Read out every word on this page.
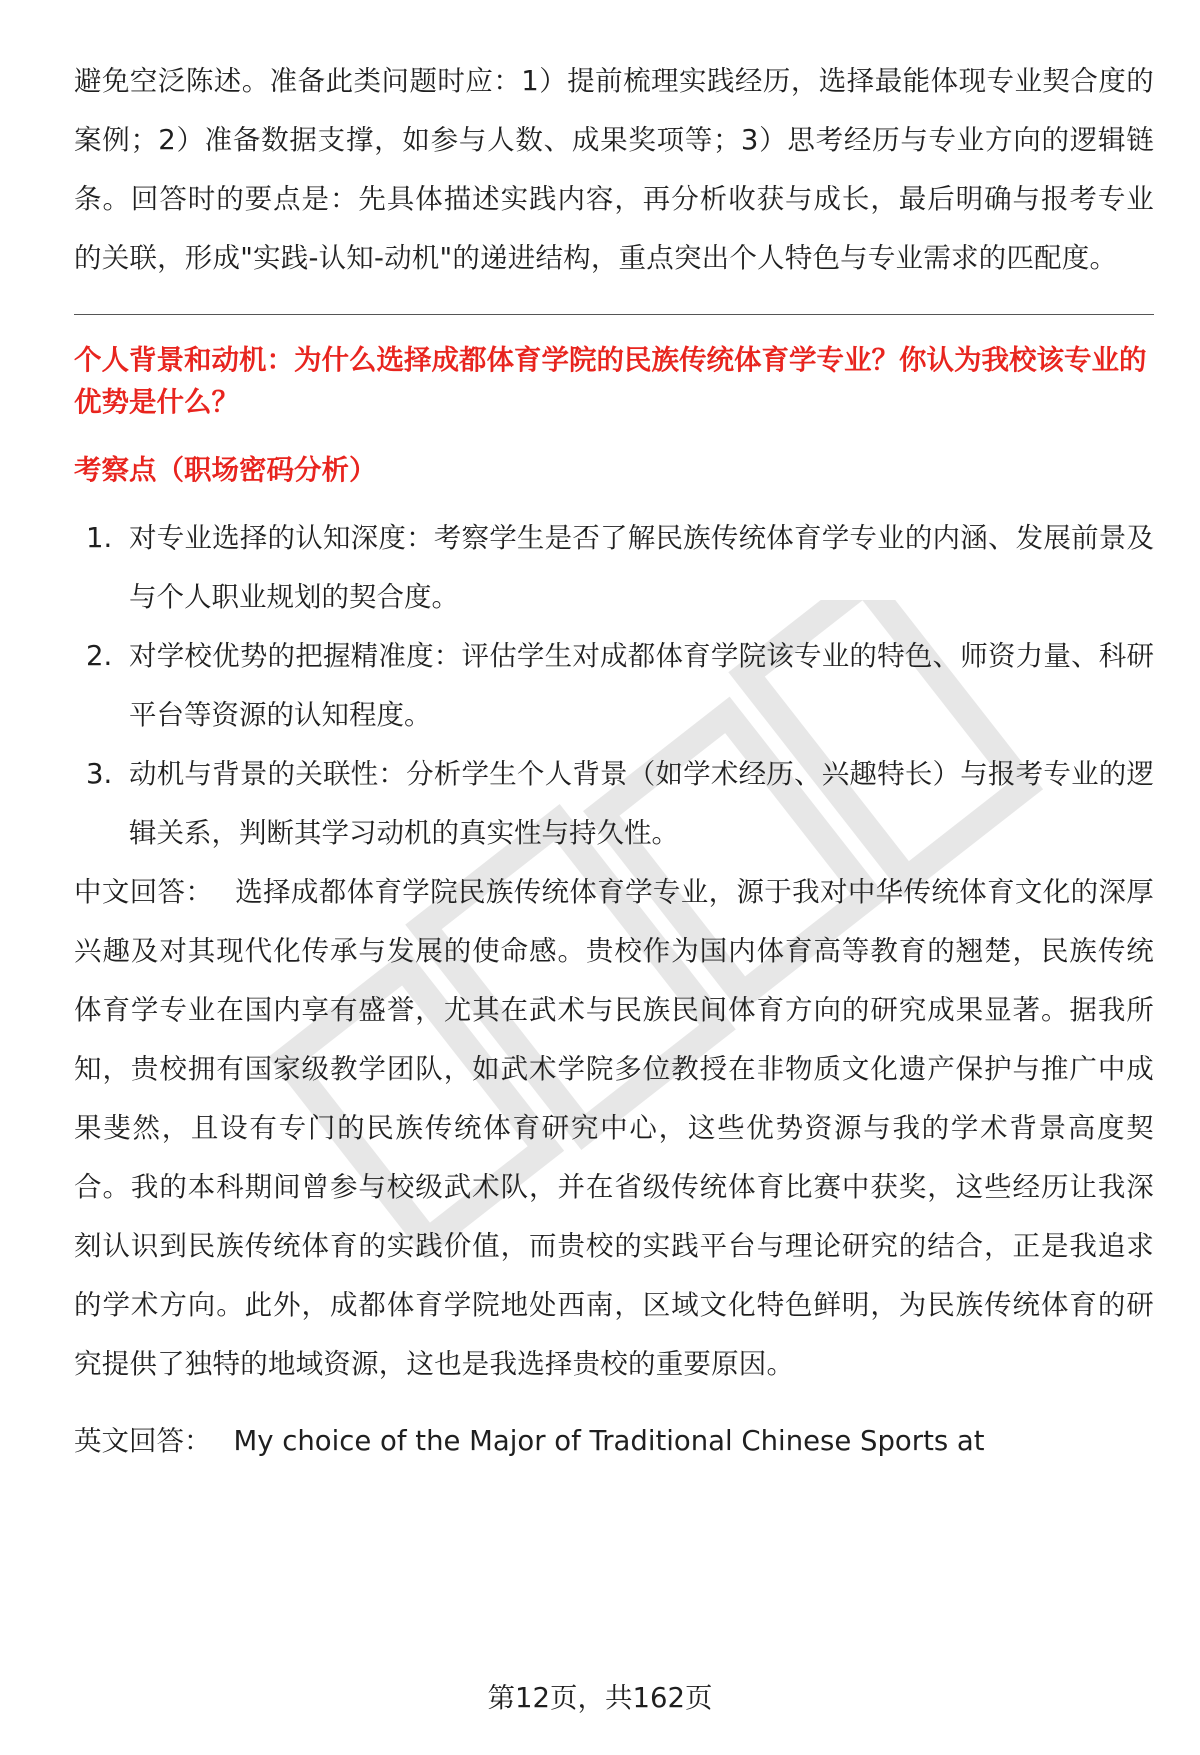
避免空泛陈述。准备此类问题时应：1）提前梳理实践经历，选择最能体现专业契合度的案例；2）准备数据支撑，如参与人数、成果奖项等；3）思考经历与专业方向的逻辑链条。回答时的要点是：先具体描述实践内容，再分析收获与成长，最后明确与报考专业的关联，形成"实践-认知-动机"的递进结构，重点突出个人特色与专业需求的匹配度。

个人背景和动机：为什么选择成都体育学院的民族传统体育学专业？你认为我校该专业的优势是什么？

考察点（职场密码分析）

1. 对专业选择的认知深度：考察学生是否了解民族传统体育学专业的内涵、发展前景及与个人职业规划的契合度。
2. 对学校优势的把握精准度：评估学生对成都体育学院该专业的特色、师资力量、科研平台等资源的认知程度。
3. 动机与背景的关联性：分析学生个人背景（如学术经历、兴趣特长）与报考专业的逻辑关系，判断其学习动机的真实性与持久性。

中文回答： 选择成都体育学院民族传统体育学专业，源于我对中华传统体育文化的深厚兴趣及对其现代化传承与发展的使命感。贵校作为国内体育高等教育的翘楚，民族传统体育学专业在国内享有盛誉，尤其在武术与民族民间体育方向的研究成果显著。据我所知，贵校拥有国家级教学团队，如武术学院多位教授在非物质文化遗产保护与推广中成果斐然，且设有专门的民族传统体育研究中心，这些优势资源与我的学术背景高度契合。我的本科期间曾参与校级武术队，并在省级传统体育比赛中获奖，这些经历让我深刻认识到民族传统体育的实践价值，而贵校的实践平台与理论研究的结合，正是我追求的学术方向。此外，成都体育学院地处西南，区域文化特色鲜明，为民族传统体育的研究提供了独特的地域资源，这也是我选择贵校的重要原因。

英文回答： My choice of the Major of Traditional Chinese Sports at

第12页，共162页
